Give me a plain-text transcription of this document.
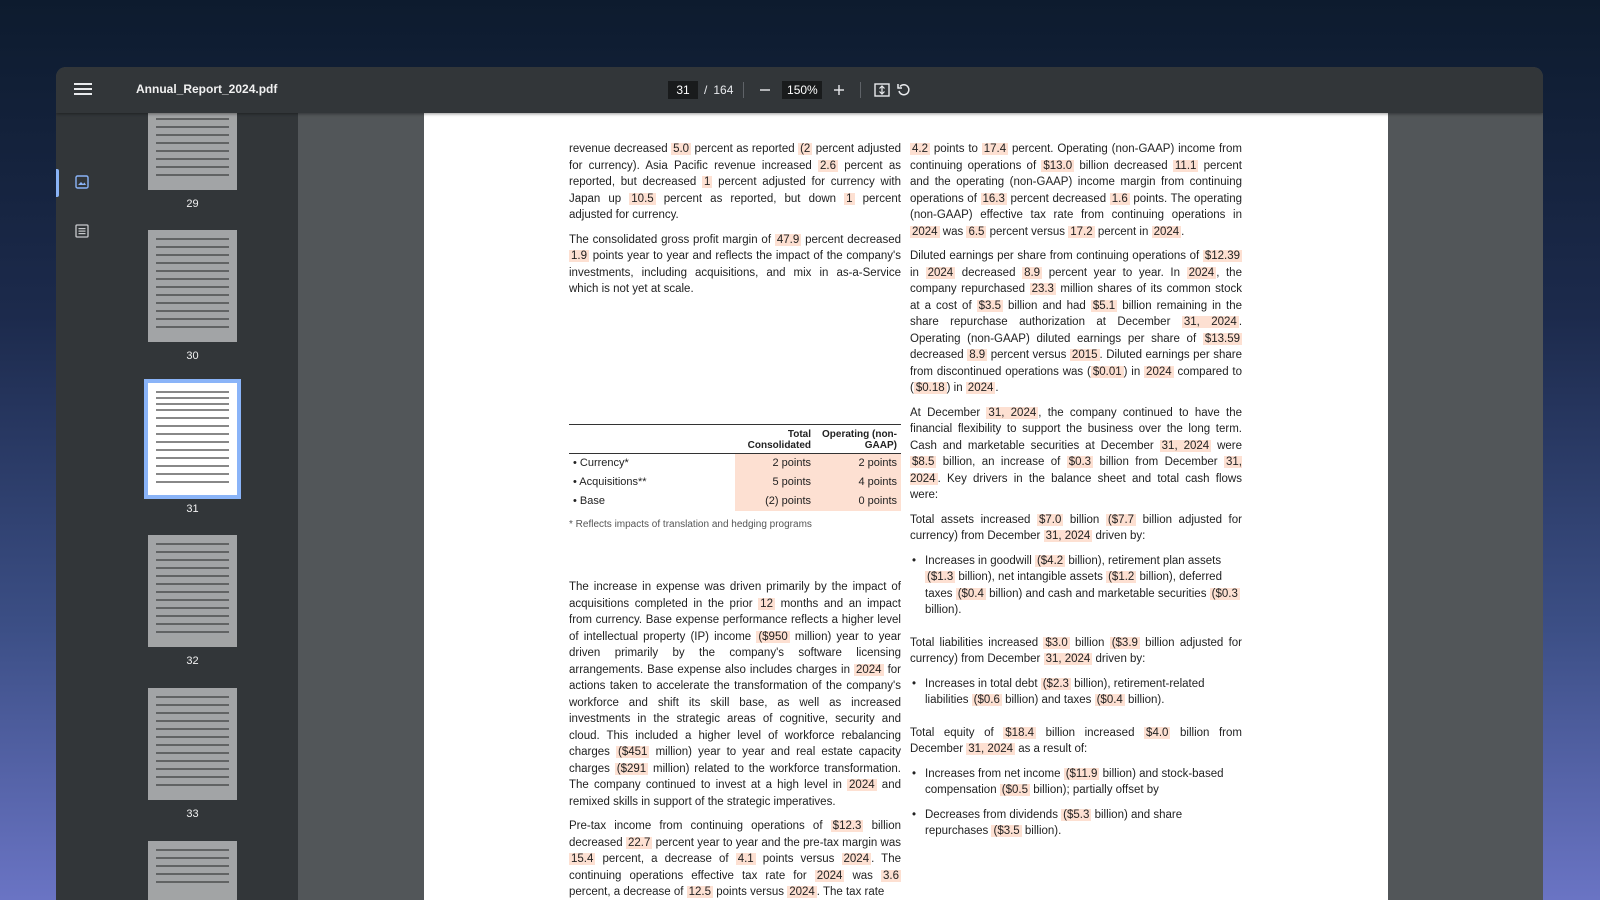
Annual_Report_2024.pdf
31	/ 164
150%
29
30
31
32
33

revenue decreased 5.0 percent as reported (2 percent adjusted for currency). Asia Pacific revenue increased 2.6 percent as reported, but decreased 1 percent adjusted for currency with Japan up 10.5 percent as reported, but down 1 percent adjusted for currency.

The consolidated gross profit margin of 47.9 percent decreased 1.9 points year to year and reflects the impact of the company's investments, including acquisitions, and mix in as-a-Service which is not yet at scale.

	Total Consolidated	Operating (non-GAAP)
• Currency*	2 points	2 points
• Acquisitions**	5 points	4 points
• Base	(2) points	0 points
* Reflects impacts of translation and hedging programs

The increase in expense was driven primarily by the impact of acquisitions completed in the prior 12 months and an impact from currency. Base expense performance reflects a higher level of intellectual property (IP) income ($950 million) year to year driven primarily by the company's software licensing arrangements. Base expense also includes charges in 2024 for actions taken to accelerate the transformation of the company's workforce and shift its skill base, as well as increased investments in the strategic areas of cognitive, security and cloud. This included a higher level of workforce rebalancing charges ($451 million) year to year and real estate capacity charges ($291 million) related to the workforce transformation. The company continued to invest at a high level in 2024 and remixed skills in support of the strategic imperatives.

Pre-tax income from continuing operations of $12.3 billion decreased 22.7 percent year to year and the pre-tax margin was 15.4 percent, a decrease of 4.1 points versus 2024 . The continuing operations effective tax rate for 2024 was 3.6 percent, a decrease of 12.5 points versus 2024 . The tax rate

4.2 points to 17.4 percent. Operating (non-GAAP) income from continuing operations of $13.0 billion decreased 11.1 percent and the operating (non-GAAP) income margin from continuing operations of 16.3 percent decreased 1.6 points. The operating (non-GAAP) effective tax rate from continuing operations in 2024 was 6.5 percent versus 17.2 percent in 2024 .

Diluted earnings per share from continuing operations of $12.39 in 2024 decreased 8.9 percent year to year. In 2024 , the company repurchased 23.3 million shares of its common stock at a cost of $3.5 billion and had $5.1 billion remaining in the share repurchase authorization at December 31, 2024 . Operating (non-GAAP) diluted earnings per share of $13.59 decreased 8.9 percent versus 2015 . Diluted earnings per share from discontinued operations was ( $0.01 ) in 2024 compared to ( $0.18 ) in 2024 .

At December 31, 2024 , the company continued to have the financial flexibility to support the business over the long term. Cash and marketable securities at December 31, 2024 were $8.5 billion, an increase of $0.3 billion from December 31, 2024 . Key drivers in the balance sheet and total cash flows were:

Total assets increased $7.0 billion ($7.7 billion adjusted for currency) from December 31, 2024 driven by:

• Increases in goodwill ($4.2 billion), retirement plan assets ($1.3 billion), net intangible assets ($1.2 billion), deferred taxes ($0.4 billion) and cash and marketable securities ($0.3 billion).

Total liabilities increased $3.0 billion ($3.9 billion adjusted for currency) from December 31, 2024 driven by:

• Increases in total debt ($2.3 billion), retirement-related liabilities ($0.6 billion) and taxes ($0.4 billion).

Total equity of $18.4 billion increased $4.0 billion from December 31, 2024 as a result of:

• Increases from net income ($11.9 billion) and stock-based compensation ($0.5 billion); partially offset by
• Decreases from dividends ($5.3 billion) and share repurchases ($3.5 billion).
